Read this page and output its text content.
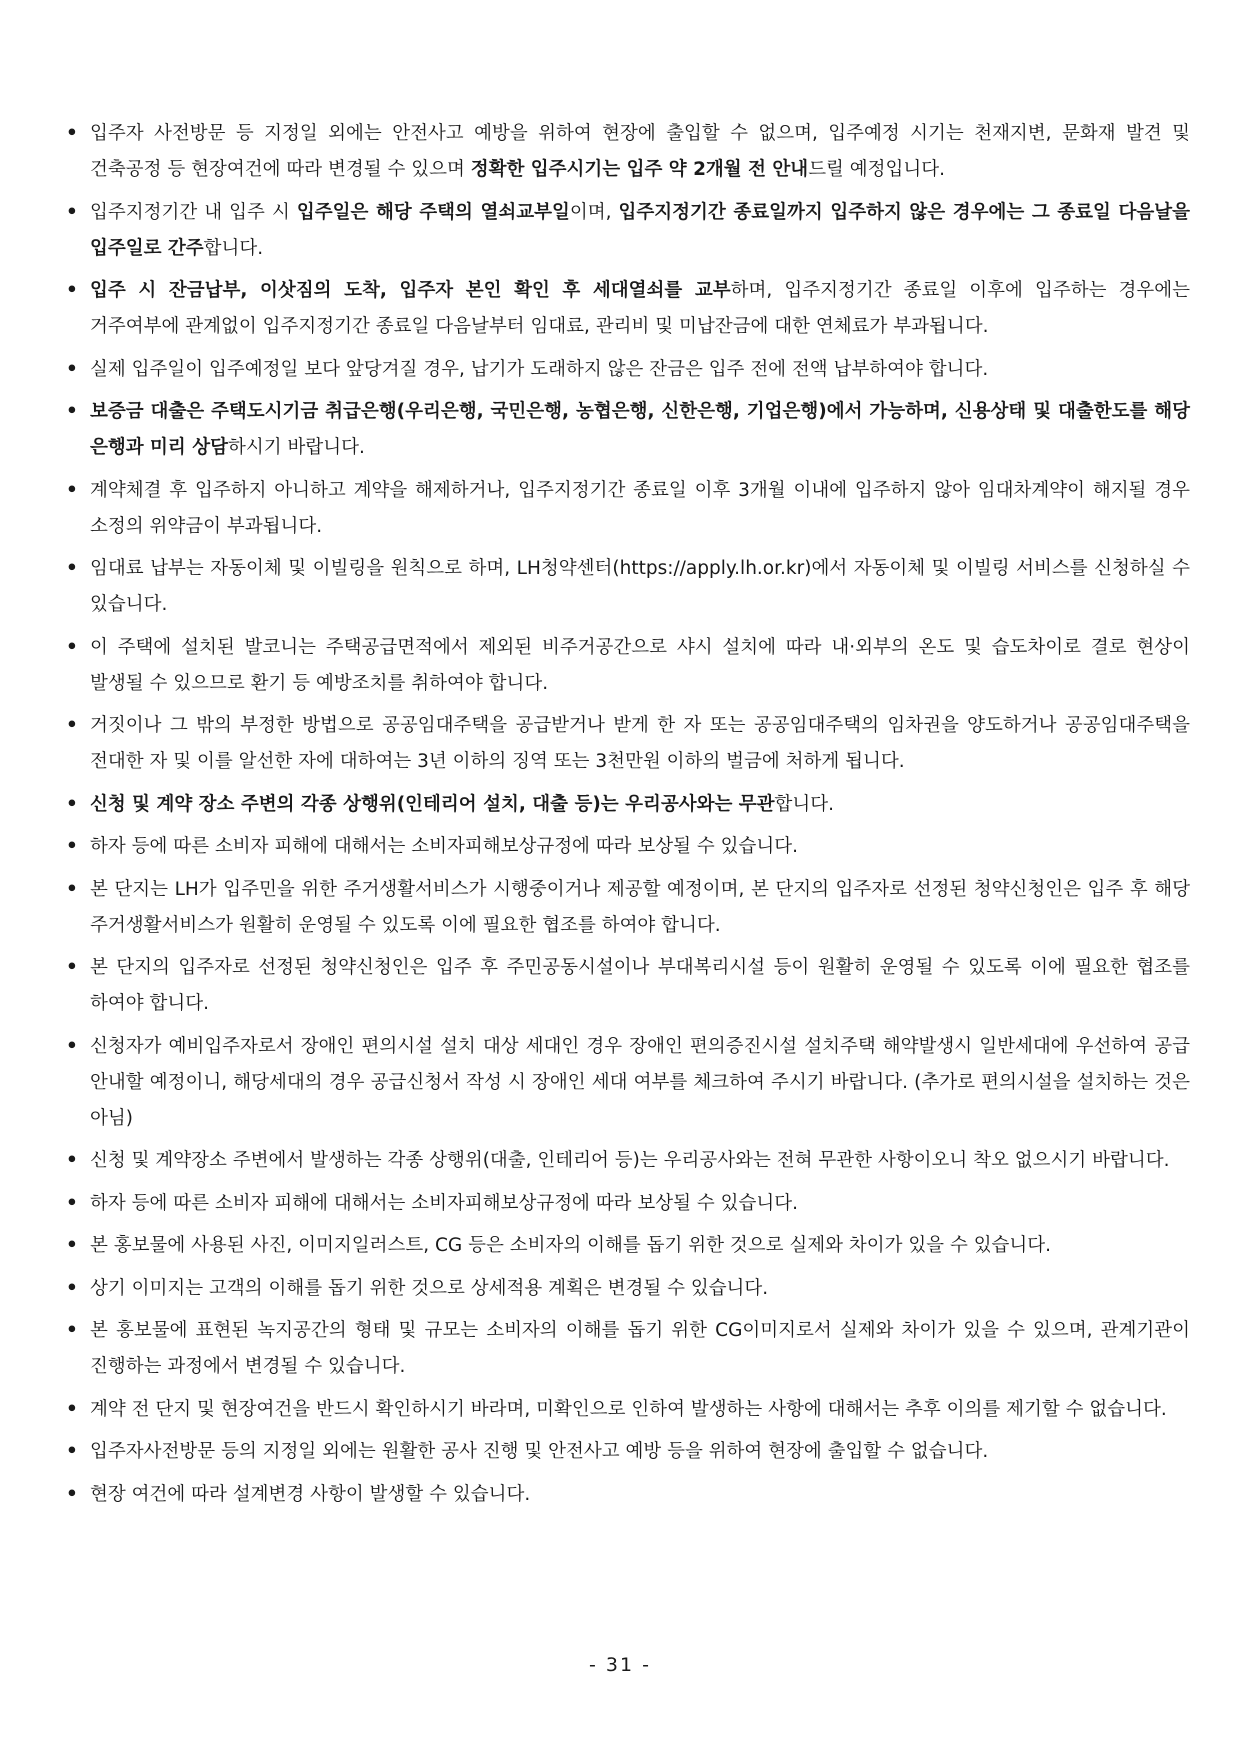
• 입주자 사전방문 등 지정일 외에는 안전사고 예방을 위하여 현장에 출입할 수 없으며, 입주예정 시기는 천재지변, 문화재 발견 및 건축공정 등 현장여건에 따라 변경될 수 있으며 정확한 입주시기는 입주 약 2개월 전 안내드릴 예정입니다.
• 입주지정기간 내 입주 시 입주일은 해당 주택의 열쇠교부일이며, 입주지정기간 종료일까지 입주하지 않은 경우에는 그 종료일 다음날을 입주일로 간주합니다.
• 입주 시 잔금납부, 이삿짐의 도착, 입주자 본인 확인 후 세대열쇠를 교부하며, 입주지정기간 종료일 이후에 입주하는 경우에는 거주여부에 관계없이 입주지정기간 종료일 다음날부터 임대료, 관리비 및 미납잔금에 대한 연체료가 부과됩니다.
• 실제 입주일이 입주예정일 보다 앞당겨질 경우, 납기가 도래하지 않은 잔금은 입주 전에 전액 납부하여야 합니다.
• 보증금 대출은 주택도시기금 취급은행(우리은행, 국민은행, 농협은행, 신한은행, 기업은행)에서 가능하며, 신용상태 및 대출한도를 해당 은행과 미리 상담하시기 바랍니다.
• 계약체결 후 입주하지 아니하고 계약을 해제하거나, 입주지정기간 종료일 이후 3개월 이내에 입주하지 않아 임대차계약이 해지될 경우 소정의 위약금이 부과됩니다.
• 임대료 납부는 자동이체 및 이빌링을 원칙으로 하며, LH청약센터(https://apply.lh.or.kr)에서 자동이체 및 이빌링 서비스를 신청하실 수 있습니다.
• 이 주택에 설치된 발코니는 주택공급면적에서 제외된 비주거공간으로 샤시 설치에 따라 내·외부의 온도 및 습도차이로 결로 현상이 발생될 수 있으므로 환기 등 예방조치를 취하여야 합니다.
• 거짓이나 그 밖의 부정한 방법으로 공공임대주택을 공급받거나 받게 한 자 또는 공공임대주택의 임차권을 양도하거나 공공임대주택을 전대한 자 및 이를 알선한 자에 대하여는 3년 이하의 징역 또는 3천만원 이하의 벌금에 처하게 됩니다.
• 신청 및 계약 장소 주변의 각종 상행위(인테리어 설치, 대출 등)는 우리공사와는 무관합니다.
• 하자 등에 따른 소비자 피해에 대해서는 소비자피해보상규정에 따라 보상될 수 있습니다.
• 본 단지는 LH가 입주민을 위한 주거생활서비스가 시행중이거나 제공할 예정이며, 본 단지의 입주자로 선정된 청약신청인은 입주 후 해당 주거생활서비스가 원활히 운영될 수 있도록 이에 필요한 협조를 하여야 합니다.
• 본 단지의 입주자로 선정된 청약신청인은 입주 후 주민공동시설이나 부대복리시설 등이 원활히 운영될 수 있도록 이에 필요한 협조를 하여야 합니다.
• 신청자가 예비입주자로서 장애인 편의시설 설치 대상 세대인 경우 장애인 편의증진시설 설치주택 해약발생시 일반세대에 우선하여 공급 안내할 예정이니, 해당세대의 경우 공급신청서 작성 시 장애인 세대 여부를 체크하여 주시기 바랍니다. (추가로 편의시설을 설치하는 것은 아님)
• 신청 및 계약장소 주변에서 발생하는 각종 상행위(대출, 인테리어 등)는 우리공사와는 전혀 무관한 사항이오니 착오 없으시기 바랍니다.
• 하자 등에 따른 소비자 피해에 대해서는 소비자피해보상규정에 따라 보상될 수 있습니다.
• 본 홍보물에 사용된 사진, 이미지일러스트, CG 등은 소비자의 이해를 돕기 위한 것으로 실제와 차이가 있을 수 있습니다.
• 상기 이미지는 고객의 이해를 돕기 위한 것으로 상세적용 계획은 변경될 수 있습니다.
• 본 홍보물에 표현된 녹지공간의 형태 및 규모는 소비자의 이해를 돕기 위한 CG이미지로서 실제와 차이가 있을 수 있으며, 관계기관이 진행하는 과정에서 변경될 수 있습니다.
• 계약 전 단지 및 현장여건을 반드시 확인하시기 바라며, 미확인으로 인하여 발생하는 사항에 대해서는 추후 이의를 제기할 수 없습니다.
• 입주자사전방문 등의 지정일 외에는 원활한 공사 진행 및 안전사고 예방 등을 위하여 현장에 출입할 수 없습니다.
• 현장 여건에 따라 설계변경 사항이 발생할 수 있습니다.
- 31 -
